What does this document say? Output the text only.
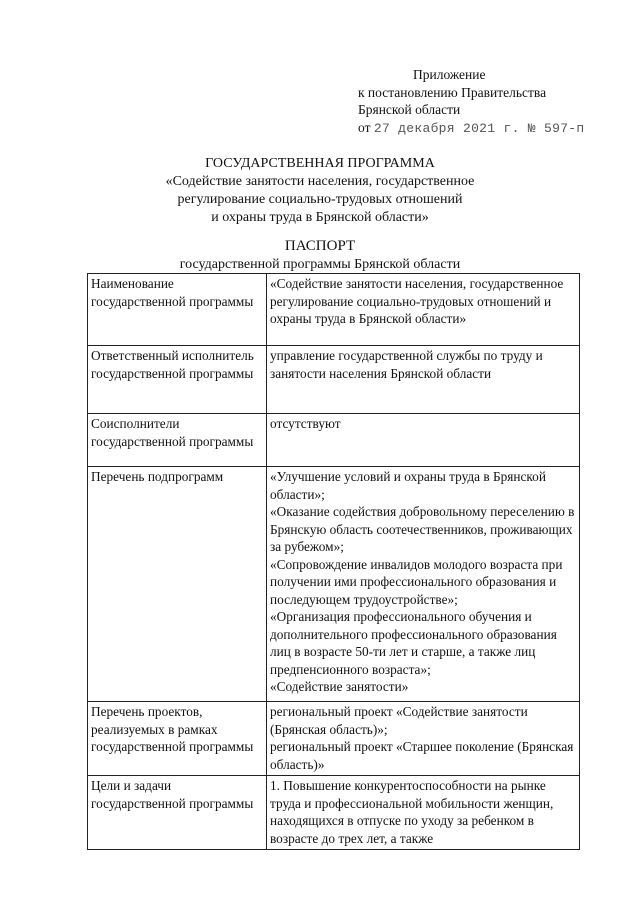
Приложение
к постановлению Правительства
Брянской области
от 27 декабря 2021 г. № 597-п
ГОСУДАРСТВЕННАЯ ПРОГРАММА
«Содействие занятости населения, государственное
регулирование социально-трудовых отношений
и охраны труда в Брянской области»
ПАСПОРТ
государственной программы Брянской области
Наименование государственной программы	«Содействие занятости населения, государственное регулирование социально-трудовых отношений и охраны труда в Брянской области»

Ответственный исполнитель государственной программы	управление государственной службы по труду и занятости населения Брянской области

Соисполнители государственной программы	отсутствуют

Перечень подпрограмм	«Улучшение условий и охраны труда в Брянской области»;
«Оказание содействия добровольному переселению в Брянскую область соотечественников, проживающих за рубежом»;
«Сопровождение инвалидов молодого возраста при получении ими профессионального образования и последующем трудоустройстве»;
«Организация профессионального обучения и дополнительного профессионального образования лиц в возрасте 50-ти лет и старше, а также лиц предпенсионного возраста»;
«Содействие занятости»

Перечень проектов, реализуемых в рамках государственной программы	региональный проект «Содействие занятости (Брянская область)»;
региональный проект «Старшее поколение (Брянская область)»

Цели и задачи государственной программы	1. Повышение конкурентоспособности на рынке труда и профессиональной мобильности женщин, находящихся в отпуске по уходу за ребенком в возрасте до трех лет, а также
